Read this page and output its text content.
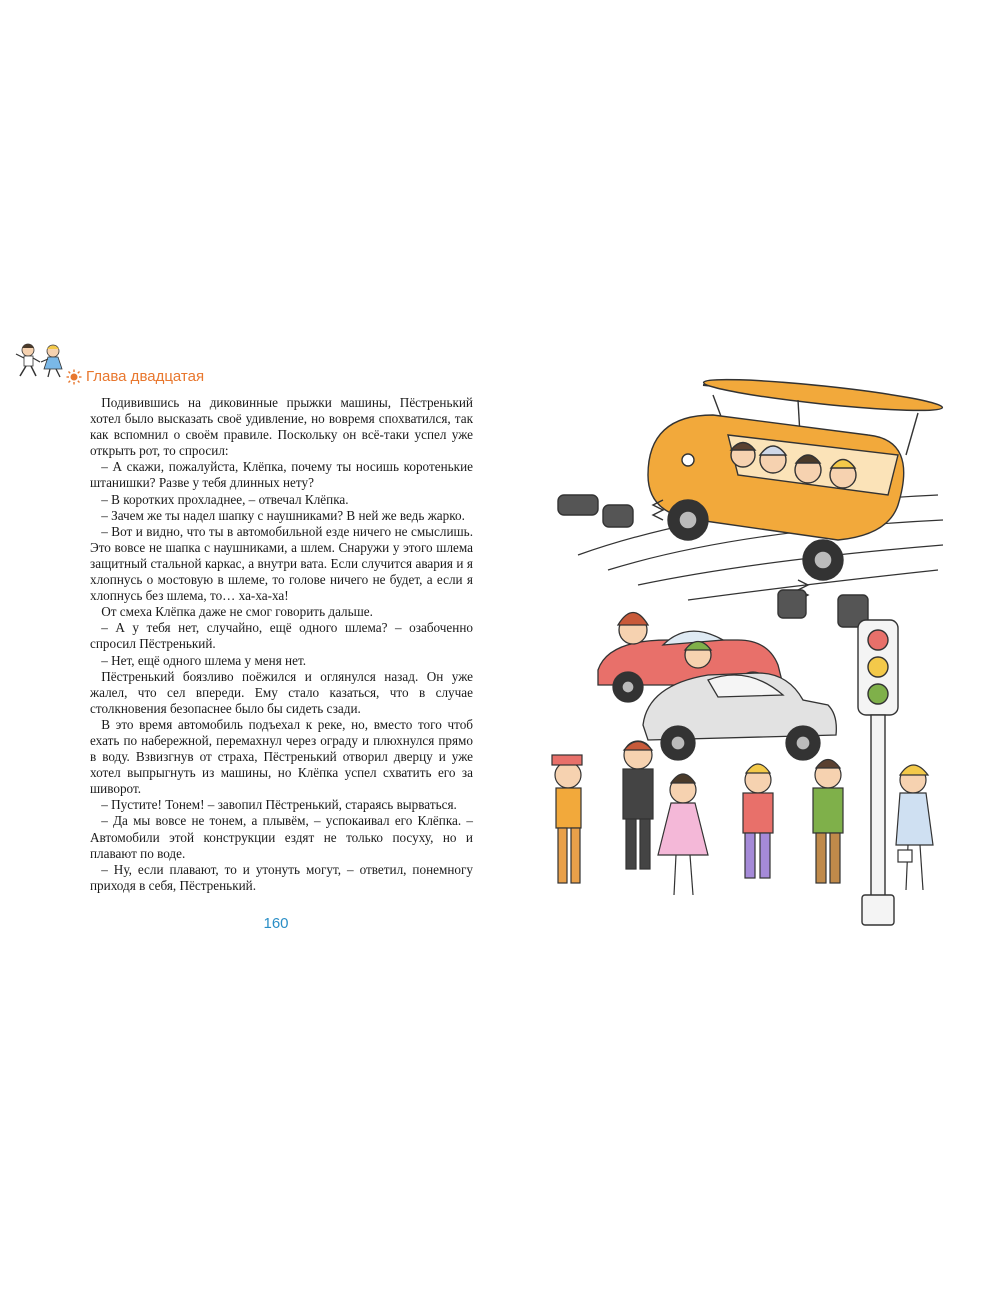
Глава двадцатая

Подивившись на диковинные прыжки машины, Пёстренький хотел было высказать своё удивление, но вовремя спохватился, так как вспомнил о своём правиле. Поскольку он всё-таки успел уже открыть рот, то спросил:

– А скажи, пожалуйста, Клёпка, почему ты носишь коротенькие штанишки? Разве у тебя длинных нету?

– В коротких прохладнее, – отвечал Клёпка.

– Зачем же ты надел шапку с наушниками? В ней же ведь жарко.

– Вот и видно, что ты в автомобильной езде ничего не смыслишь. Это вовсе не шапка с наушниками, а шлем. Снаружи у этого шлема защитный стальной каркас, а внутри вата. Если случится авария и я хлопнусь о мостовую в шлеме, то голове ничего не будет, а если я хлопнусь без шлема, то… ха-ха-ха!

От смеха Клёпка даже не смог говорить дальше.

– А у тебя нет, случайно, ещё одного шлема? – озабоченно спросил Пёстренький.

– Нет, ещё одного шлема у меня нет.

Пёстренький боязливо поёжился и оглянулся назад. Он уже жалел, что сел впереди. Ему стало казаться, что в случае столкновения безопаснее было бы сидеть сзади.

В это время автомобиль подъехал к реке, но, вместо того чтоб ехать по набережной, перемахнул через ограду и плюхнулся прямо в воду. Взвизгнув от страха, Пёстренький отворил дверцу и уже хотел выпрыгнуть из машины, но Клёпка успел схватить его за шиворот.

– Пустите! Тонем! – завопил Пёстренький, стараясь вырваться.

– Да мы вовсе не тонем, а плывём, – успокаивал его Клёпка. – Автомобили этой конструкции ездят не только посуху, но и плавают по воде.

– Ну, если плавают, то и утонуть могут, – ответил, понемногу приходя в себя, Пёстренький.

160
